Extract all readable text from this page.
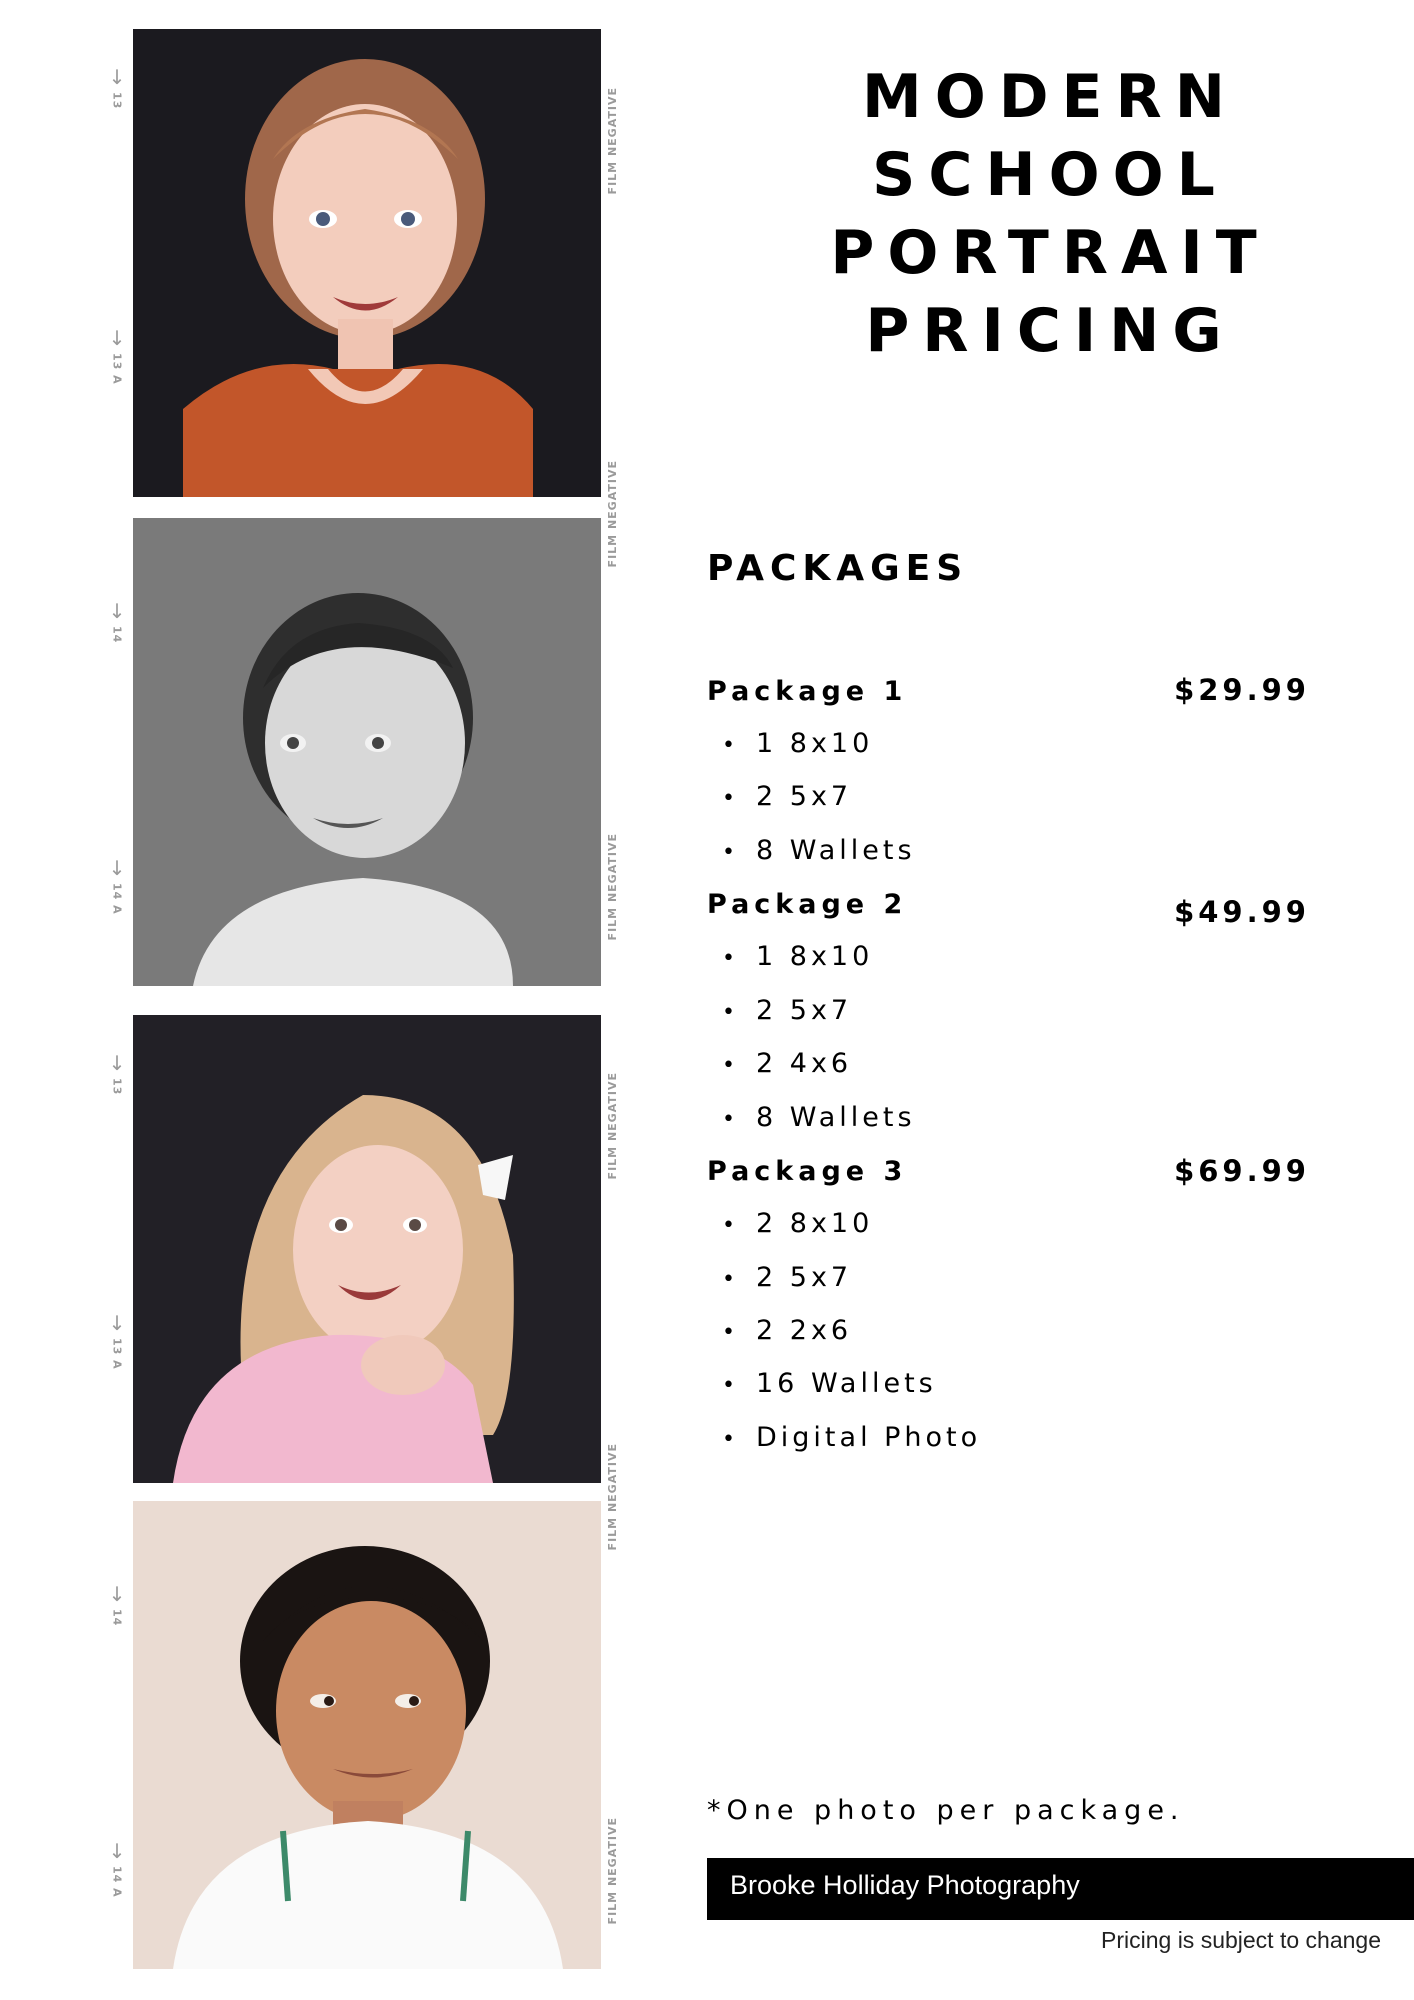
↓
13
↓
13 A
↓
14
↓
14 A
↓
13
↓
13 A
↓
14
↓
14 A
FILM NEGATIVE
FILM NEGATIVE
FILM NEGATIVE
FILM NEGATIVE
FILM NEGATIVE
FILM NEGATIVE
MODERN
SCHOOL
PORTRAIT
PRICING
PACKAGES
Package 1	$29.99
• 1 8x10
• 2 5x7
• 8 Wallets
Package 2	$49.99
• 1 8x10
• 2 5x7
• 2 4x6
• 8 Wallets
Package 3	$69.99
• 2 8x10
• 2 5x7
• 2 2x6
• 16 Wallets
• Digital Photo
*One photo per package.
Brooke Holliday Photography
Pricing is subject to change
